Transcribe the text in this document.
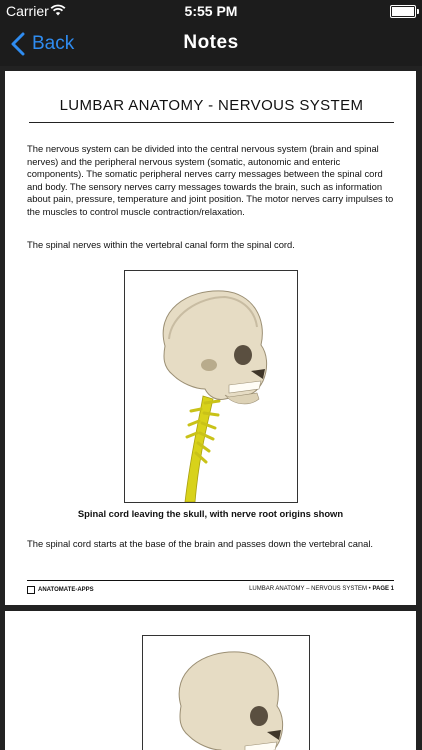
Carrier	5:55 PM
Back	Notes
LUMBAR ANATOMY - NERVOUS SYSTEM
The nervous system can be divided into the central nervous system (brain and spinal nerves) and the peripheral nervous system (somatic, autonomic and enteric components). The somatic peripheral nerves carry messages between the spinal cord and body. The sensory nerves carry messages towards the brain, such as information about pain, pressure, temperature and joint position. The motor nerves carry impulses to the muscles to control muscle contraction/relaxation.
The spinal nerves within the vertebral canal form the spinal cord.
Spinal cord leaving the skull, with nerve root origins shown
The spinal cord starts at the base of the brain and passes down the vertebral canal.
ANATOMATE-APPS	LUMBAR ANATOMY – NERVOUS SYSTEM • PAGE 1
